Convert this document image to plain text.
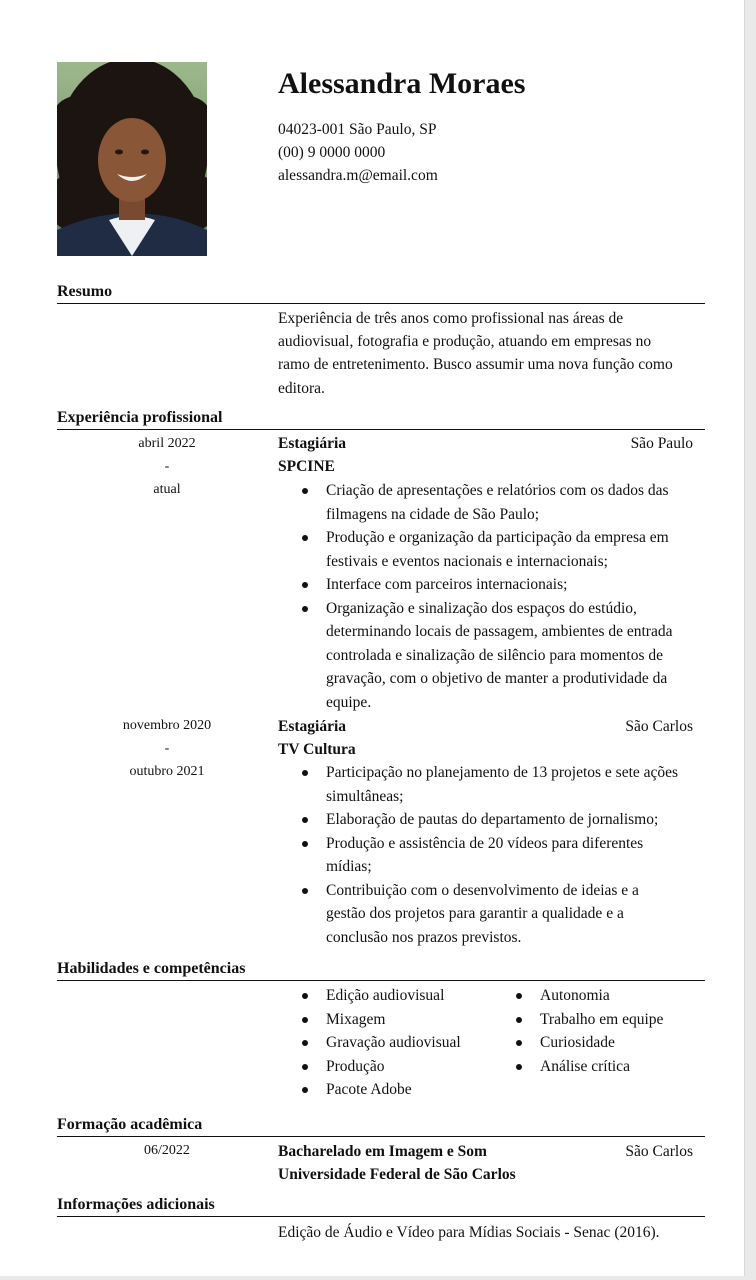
Alessandra Moraes
04023-001 São Paulo, SP
(00) 9 0000 0000
alessandra.m@email.com
Resumo
Experiência de três anos como profissional nas áreas de
audiovisual, fotografia e produção, atuando em empresas no
ramo de entretenimento. Busco assumir uma nova função como
editora.
Experiência profissional
abril 2022
-
atual
Estagiária	São Paulo
SPCINE
Criação de apresentações e relatórios com os dados das
filmagens na cidade de São Paulo;
Produção e organização da participação da empresa em
festivais e eventos nacionais e internacionais;
Interface com parceiros internacionais;
Organização e sinalização dos espaços do estúdio,
determinando locais de passagem, ambientes de entrada
controlada e sinalização de silêncio para momentos de
gravação, com o objetivo de manter a produtividade da
equipe.
novembro 2020
-
outubro 2021
Estagiária	São Carlos
TV Cultura
Participação no planejamento de 13 projetos e sete ações
simultâneas;
Elaboração de pautas do departamento de jornalismo;
Produção e assistência de 20 vídeos para diferentes
mídias;
Contribuição com o desenvolvimento de ideias e a
gestão dos projetos para garantir a qualidade e a
conclusão nos prazos previstos.
Habilidades e competências
Edição audiovisual
Mixagem
Gravação audiovisual
Produção
Pacote Adobe
Autonomia
Trabalho em equipe
Curiosidade
Análise crítica
Formação acadêmica
06/2022	Bacharelado em Imagem e Som	São Carlos
Universidade Federal de São Carlos
Informações adicionais
Edição de Áudio e Vídeo para Mídias Sociais - Senac (2016).
